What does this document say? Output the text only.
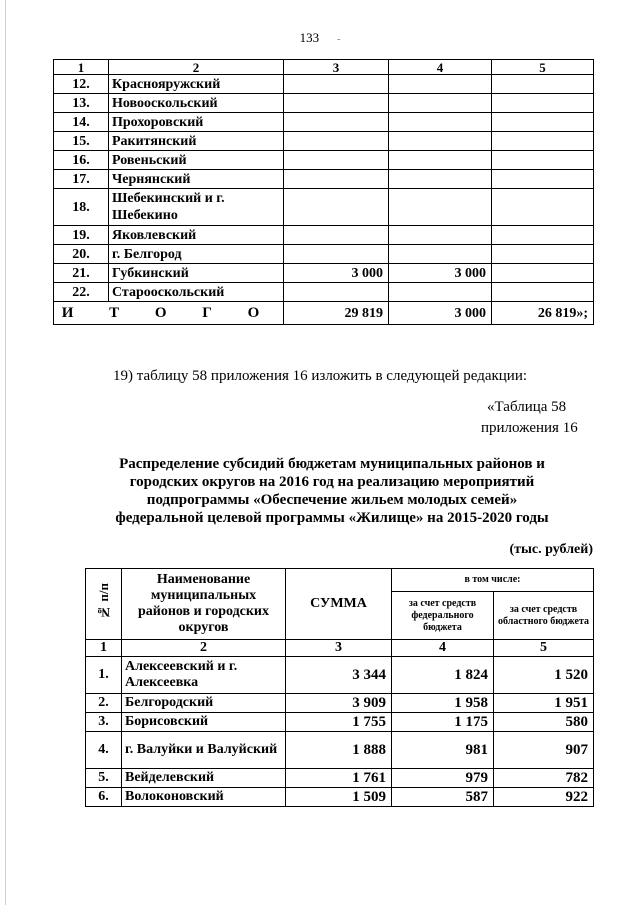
133 -
1	2	3	4	5
12.	Краснояружский			
13.	Новооскольский			
14.	Прохоровский			
15.	Ракитянский			
16.	Ровеньский			
17.	Чернянский			
18.	Шебекинский и г. Шебекино			
19.	Яковлевский			
20.	г. Белгород			
21.	Губкинский	3 000	3 000	
22.	Старооскольский			
И Т О Г О		29 819	3 000	26 819»;
19) таблицу 58 приложения 16 изложить в следующей редакции:
«Таблица 58
приложения 16
Распределение субсидий бюджетам муниципальных районов и городских округов на 2016 год на реализацию мероприятий подпрограммы «Обеспечение жильем молодых семей» федеральной целевой программы «Жилище» на 2015-2020 годы
(тыс. рублей)
№ п/п	Наименование муниципальных районов и городских округов	СУММА	в том числе:	
			за счет средств федерального бюджета	за счет средств областного бюджета
1	2	3	4	5
1.	Алексеевский и г. Алексеевка	3 344	1 824	1 520
2.	Белгородский	3 909	1 958	1 951
3.	Борисовский	1 755	1 175	580
4.	г. Валуйки и Валуйский	1 888	981	907
5.	Вейделевский	1 761	979	782
6.	Волоконовский	1 509	587	922
